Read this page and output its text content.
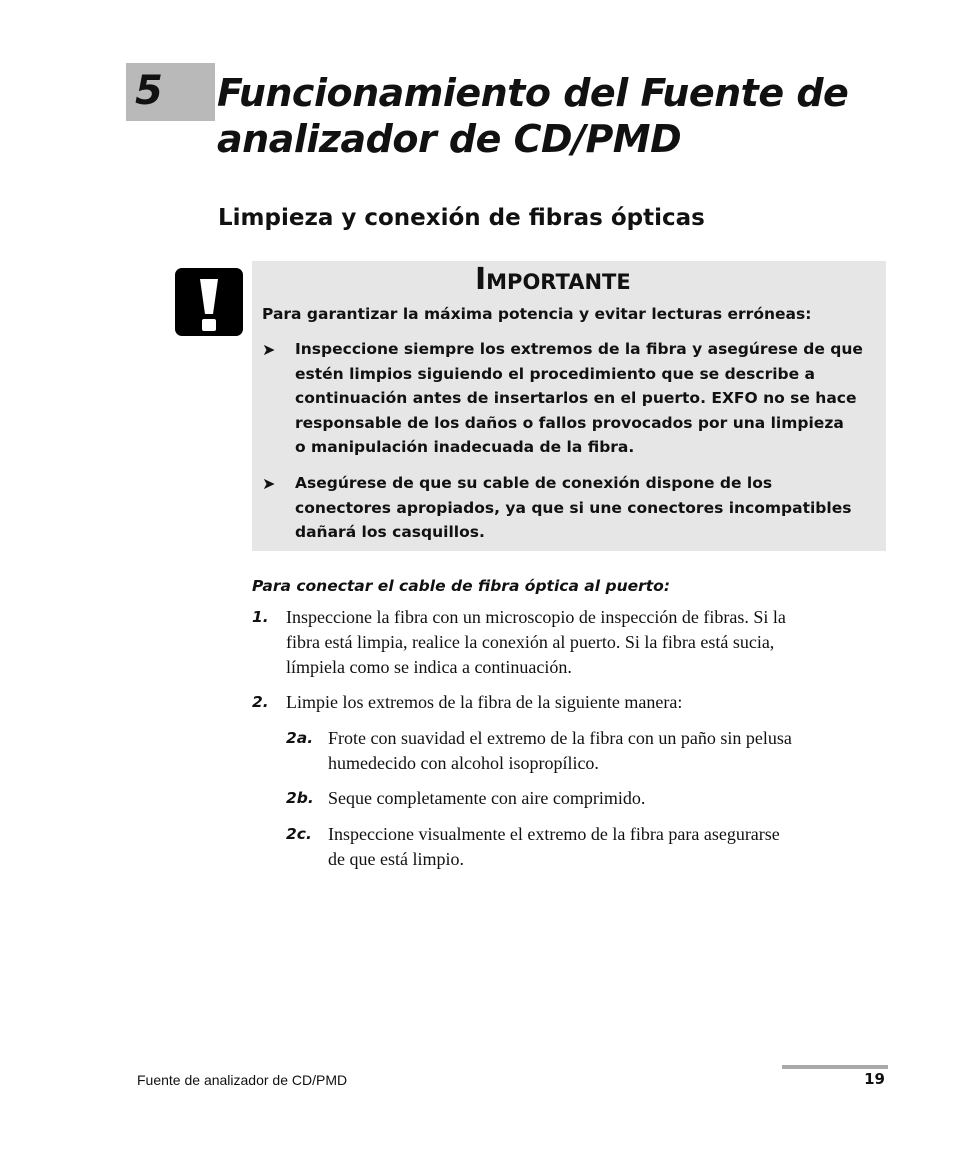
5 Funcionamiento del Fuente de
analizador de CD/PMD
Limpieza y conexión de fibras ópticas
Importante
Para garantizar la máxima potencia y evitar lecturas erróneas:
➤ Inspeccione siempre los extremos de la fibra y asegúrese de que
estén limpios siguiendo el procedimiento que se describe a
continuación antes de insertarlos en el puerto. EXFO no se hace
responsable de los daños o fallos provocados por una limpieza
o manipulación inadecuada de la fibra.
➤ Asegúrese de que su cable de conexión dispone de los
conectores apropiados, ya que si une conectores incompatibles
dañará los casquillos.
Para conectar el cable de fibra óptica al puerto:
1. Inspeccione la fibra con un microscopio de inspección de fibras. Si la
fibra está limpia, realice la conexión al puerto. Si la fibra está sucia,
límpiela como se indica a continuación.
2. Limpie los extremos de la fibra de la siguiente manera:
2a. Frote con suavidad el extremo de la fibra con un paño sin pelusa
humedecido con alcohol isopropílico.
2b. Seque completamente con aire comprimido.
2c. Inspeccione visualmente el extremo de la fibra para asegurarse
de que está limpio.
Fuente de analizador de CD/PMD	19
